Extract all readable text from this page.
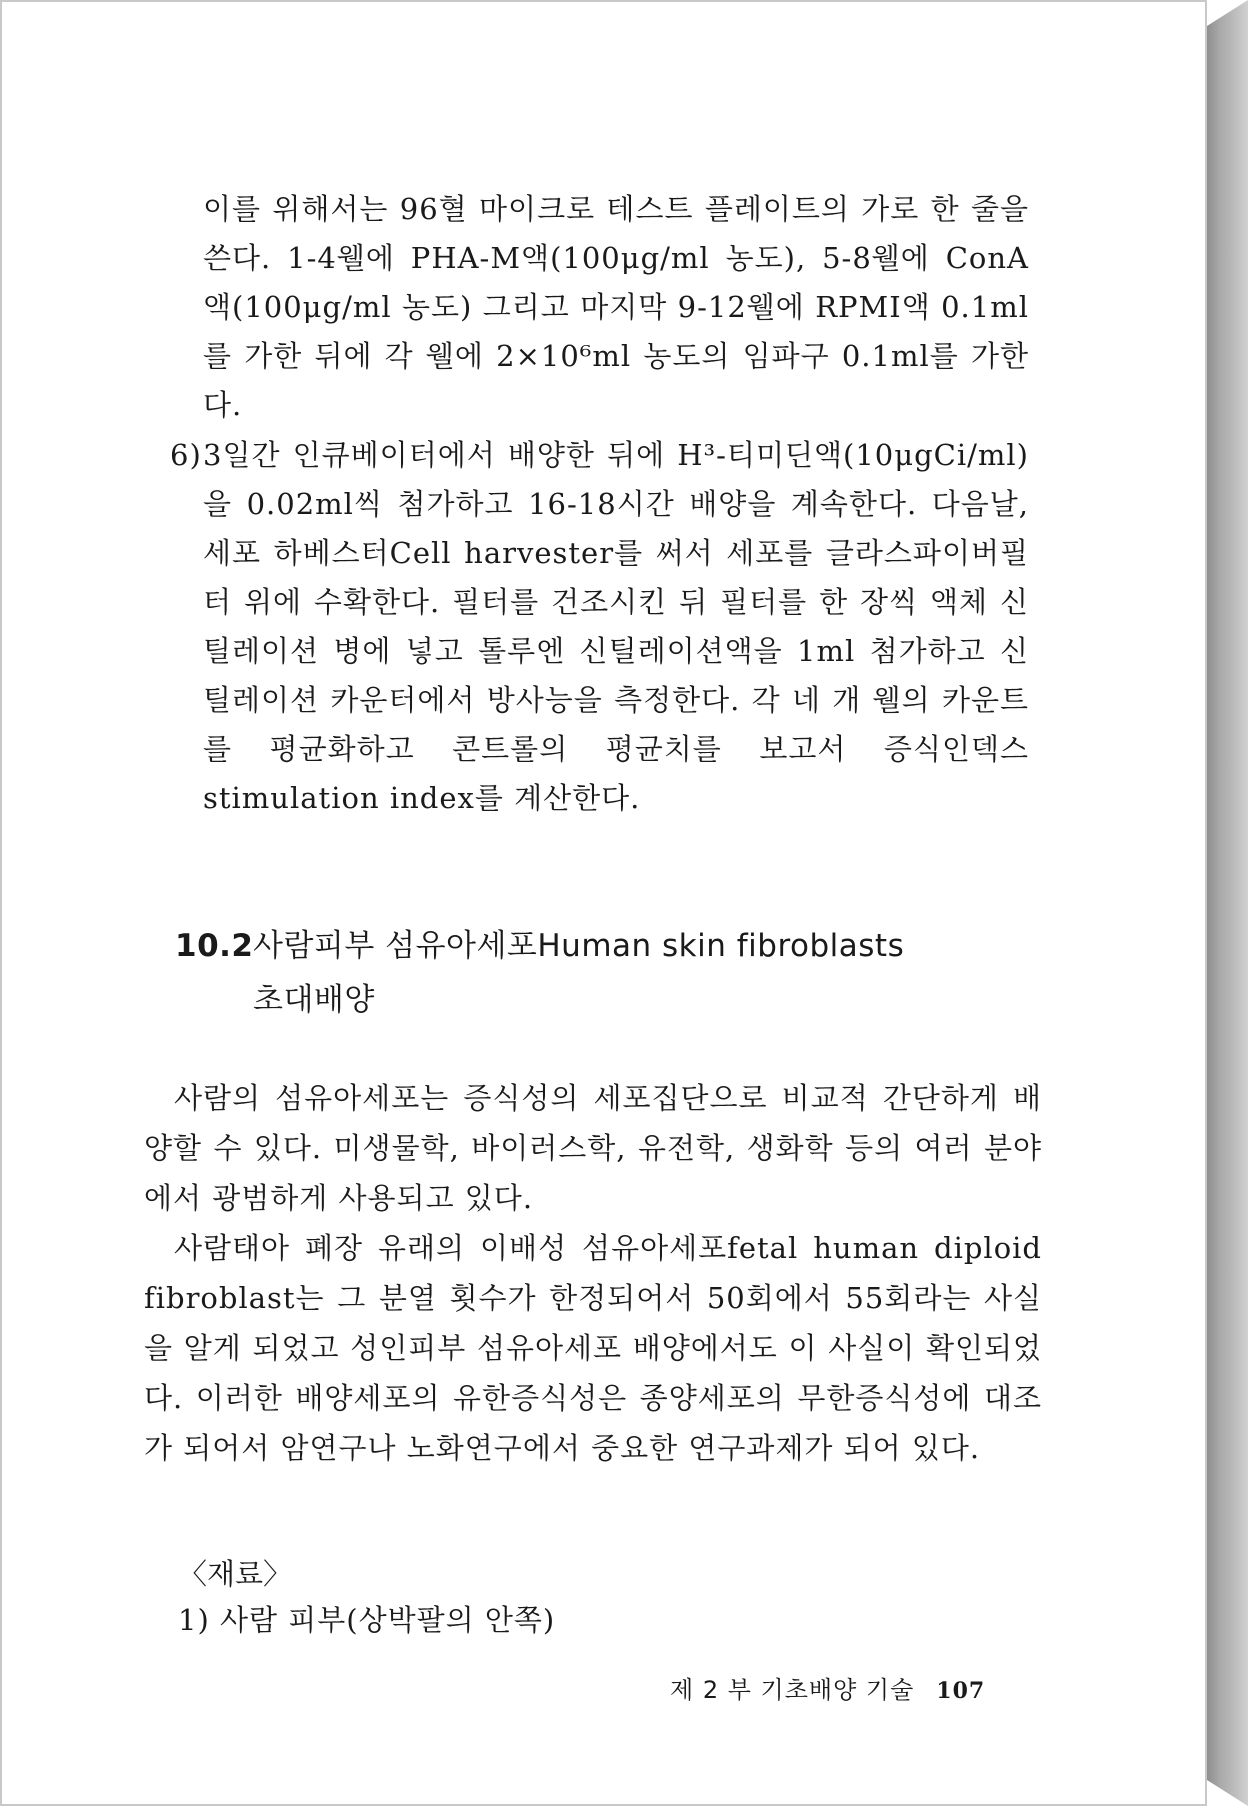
이를 위해서는 96혈 마이크로 테스트 플레이트의 가로 한 줄을 쓴다. 1-4웰에 PHA-M액(100μg/ml 농도), 5-8웰에 ConA액(100μg/ml 농도) 그리고 마지막 9-12웰에 RPMI액 0.1ml를 가한 뒤에 각 웰에 2×10⁶ml 농도의 임파구 0.1ml를 가한다.
6) 3일간 인큐베이터에서 배양한 뒤에 H³-티미딘액(10μgCi/ml)을 0.02ml씩 첨가하고 16-18시간 배양을 계속한다. 다음날, 세포 하베스터Cell harvester를 써서 세포를 글라스파이버필터 위에 수확한다. 필터를 건조시킨 뒤 필터를 한 장씩 액체 신틸레이션 병에 넣고 톨루엔 신틸레이션액을 1ml 첨가하고 신틸레이션 카운터에서 방사능을 측정한다. 각 네 개 웰의 카운트를 평균화하고 콘트롤의 평균치를 보고서 증식인덱스stimulation index를 계산한다.
10.2사람피부 섬유아세포Human skin fibroblasts
초대배양
사람의 섬유아세포는 증식성의 세포집단으로 비교적 간단하게 배양할 수 있다. 미생물학, 바이러스학, 유전학, 생화학 등의 여러 분야에서 광범하게 사용되고 있다.
사람태아 폐장 유래의 이배성 섬유아세포fetal human diploid fibroblast는 그 분열 횟수가 한정되어서 50회에서 55회라는 사실을 알게 되었고 성인피부 섬유아세포 배양에서도 이 사실이 확인되었다. 이러한 배양세포의 유한증식성은 종양세포의 무한증식성에 대조가 되어서 암연구나 노화연구에서 중요한 연구과제가 되어 있다.
〈재료〉
1) 사람 피부(상박팔의 안쪽)
제 2 부 기초배양 기술 107
